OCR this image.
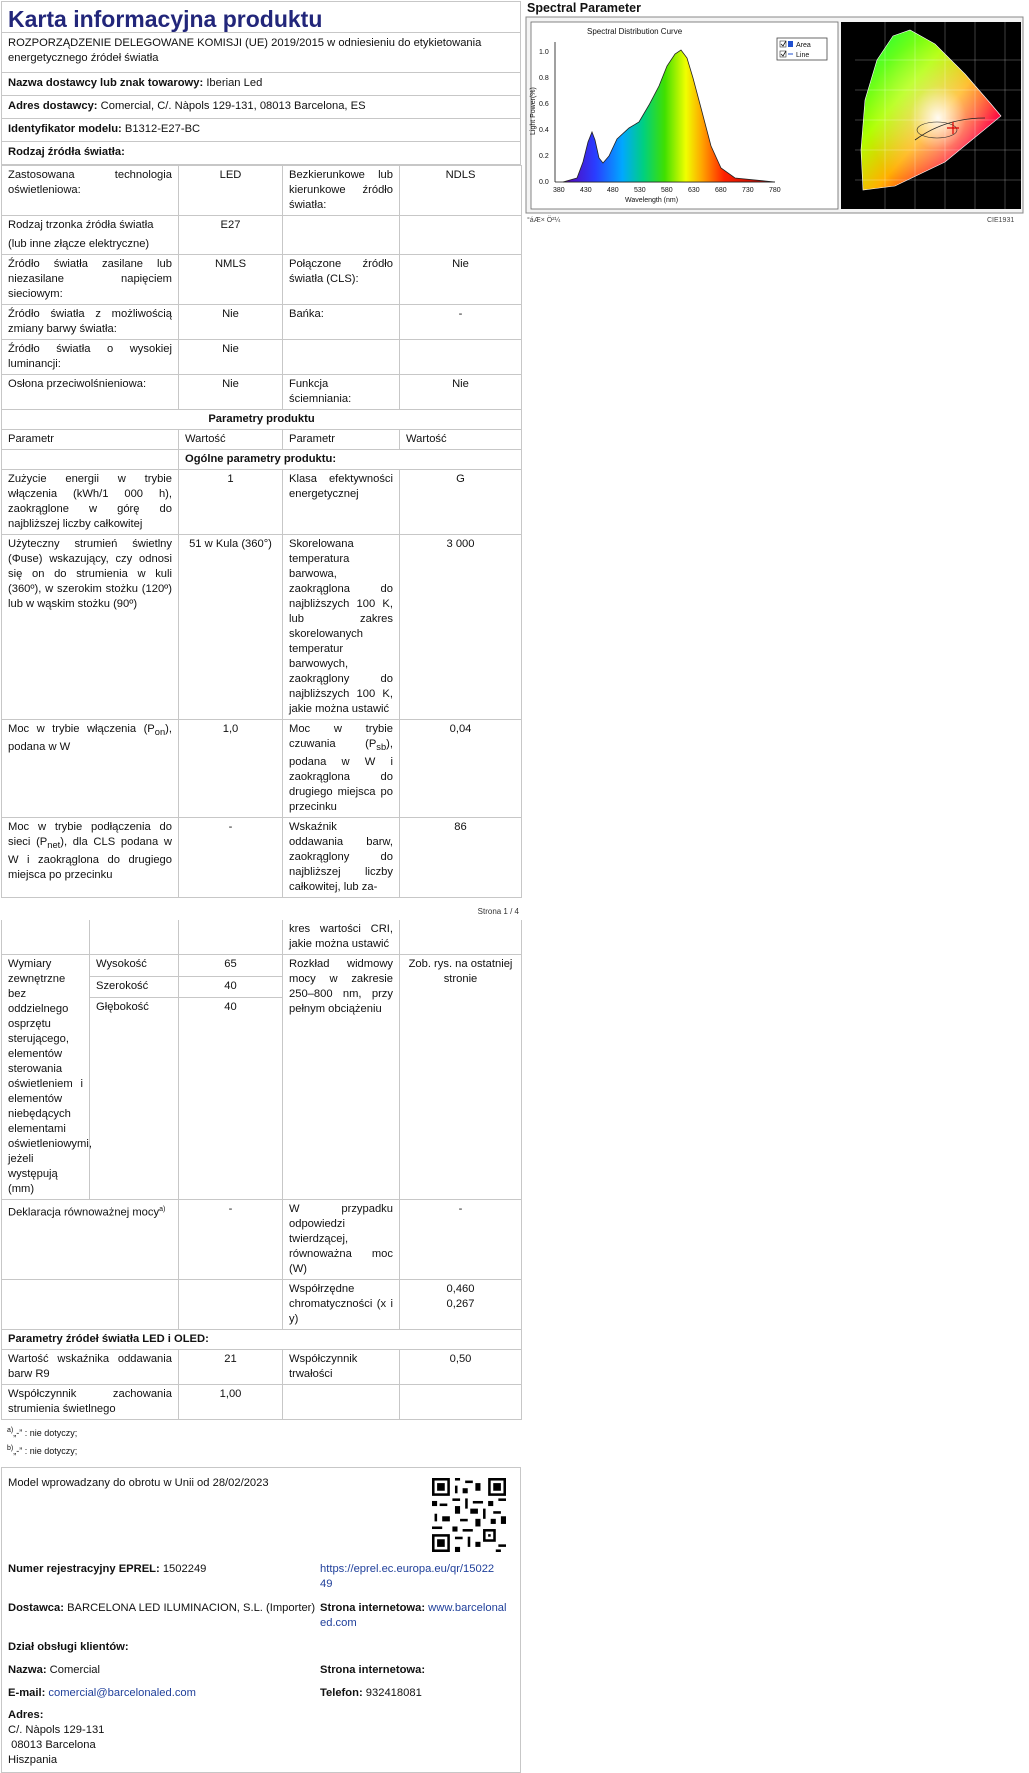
Karta informacyjna produktu
ROZPORZĄDZENIE DELEGOWANE KOMISJI (UE) 2019/2015 w odniesieniu do etykietowania energetycznego źródeł światła
Nazwa dostawcy lub znak towarowy: Iberian Led
Adres dostawcy: Comercial, C/. Nàpols 129-131, 08013 Barcelona, ES
Identyfikator modelu: B1312-E27-BC
Rodzaj źródła światła:
Zastosowana technologia oświetleniowa:	LED	Bezkierunkowe lub kierunkowe źródło światła:	NDLS

Rodzaj trzonka źródła światła
(lub inne złącze elektryczne)	E27		
Źródło światła zasilane lub niezasilane napięciem sieciowym:	NMLS	Połączone źródło światła (CLS):	Nie
Źródło światła z możliwością zmiany barwy światła:	Nie	Bańka:	-
Źródło światła o wysokiej luminancji:	Nie		
Osłona przeciwolśnieniowa:	Nie	Funkcja ściemniania:	Nie
Parametry produktu			
Parametr	Wartość	Parametr	Wartość
	Ogólne parametry produktu:		
Zużycie energii w trybie włączenia (kWh/1 000 h), zaokrąglone w górę do najbliższej liczby całkowitej	1	Klasa efektywności energetycznej	G
Użyteczny strumień świetlny (Φuse) wskazujący, czy odnosi się on do strumienia w kuli (360º), w szerokim stożku (120º) lub w wąskim stożku (90º)	51 w Kula (360°)	Skorelowana temperatura barwowa, zaokrąglona do najbliższych 100 K, lub zakres skorelowanych temperatur barwowych, zaokrąglony do najbliższych 100 K, jakie można ustawić	3 000
Moc w trybie włączenia $(P_{on})$, podana w W	1,0	Moc w trybie czuwania $(P_{sb})$, podana w W i zaokrąglona do drugiego miejsca po przecinku	0,04
Moc w trybie podłączenia do sieci $(P_{net})$, dla CLS podana w W i zaokrąglona do drugiego miejsca po przecinku	-	Wskaźnik oddawania barw, zaokrąglony do najbliższej liczby całkowitej, lub za-	86
Strona 1 / 4
			kres wartości CRI, jakie można ustawić	
Wymiary zewnętrzne bez oddzielnego osprzętu sterującego, elementów sterowania oświetleniem i elementów niebędących elementami oświetleniowymi, jeżeli występują (mm)	Wysokość	65	Rozkład widmowy mocy w zakresie 250–800 nm, przy pełnym obciążeniu	Zob. rys. na ostatniej stronie
	Szerokość	40		
	Głębokość	40		
Deklaracja równoważnej mocy$^{a)}$		-	W przypadku odpowiedzi twierdzącej, równoważna moc (W)	-
			Współrzędne chromatyczności (x i y)	0,460
0,267

Parametry źródeł światła LED i OLED:				
Wartość wskaźnika oddawania barw R9		21	Współczynnik trwałości	0,50
Współczynnik zachowania strumienia świetlnego		1,00		
$^{a)}$„-” : nie dotyczy;
$^{b)}$„-” : nie dotyczy;
Model wprowadzany do obrotu w Unii od 28/02/2023
Numer rejestracyjny EPREL: 1502249	https://eprel.ec.europa.eu/qr/1502249
Dostawca: BARCELONA LED ILUMINACION, S.L. (Importer) Strona internetowa: www.barcelonaled.com
Dział obsługi klientów:
Nazwa: Comercial	Strona internetowa:
E-mail: comercial@barcelonaled.com	Telefon: 932418081
Adres:
C/. Nàpols 129-131
08013 Barcelona
Hiszpania
Spectral Parameter
Spectral Distribution Curve
Light Power(%)
1.0
0.8
0.6
0.4
0.2
0.0
380 430 480 530 580 630 680 730 780
Wavelength (nm)
Area
Line
°áÆ× Ö²¼	CIE1931
